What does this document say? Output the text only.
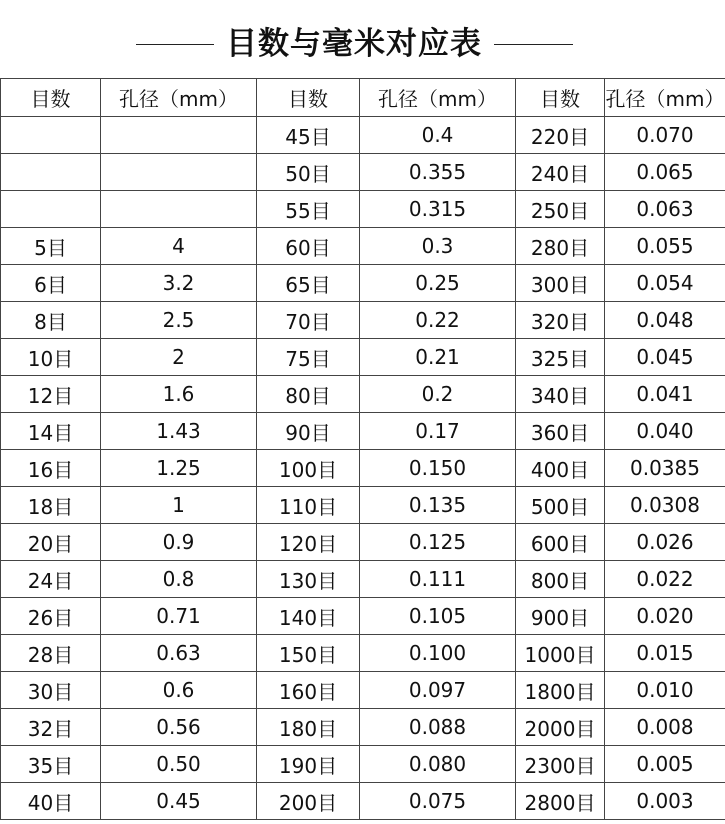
目数与毫米对应表
目数	孔径（mm）	目数	孔径（mm）	目数	孔径（mm）
		45目	0.4	220目	0.070
		50目	0.355	240目	0.065
		55目	0.315	250目	0.063
5目	4	60目	0.3	280目	0.055
6目	3.2	65目	0.25	300目	0.054
8目	2.5	70目	0.22	320目	0.048
10目	2	75目	0.21	325目	0.045
12目	1.6	80目	0.2	340目	0.041
14目	1.43	90目	0.17	360目	0.040
16目	1.25	100目	0.150	400目	0.0385
18目	1	110目	0.135	500目	0.0308
20目	0.9	120目	0.125	600目	0.026
24目	0.8	130目	0.111	800目	0.022
26目	0.71	140目	0.105	900目	0.020
28目	0.63	150目	0.100	1000目	0.015
30目	0.6	160目	0.097	1800目	0.010
32目	0.56	180目	0.088	2000目	0.008
35目	0.50	190目	0.080	2300目	0.005
40目	0.45	200目	0.075	2800目	0.003
